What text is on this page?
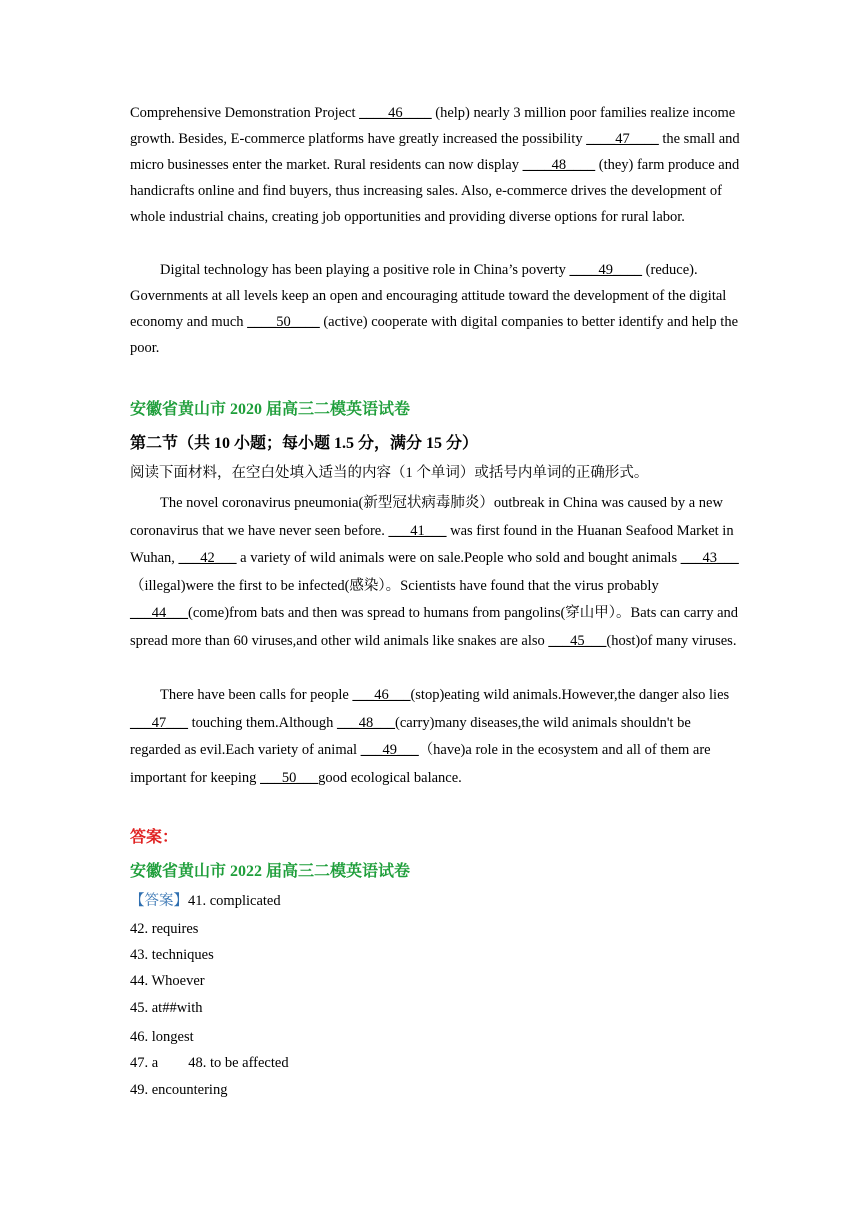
Comprehensive Demonstration Project ____46____ (help) nearly 3 million poor families realize income growth. Besides, E-commerce platforms have greatly increased the possibility ____47____ the small and micro businesses enter the market. Rural residents can now display ____48____ (they) farm produce and handicrafts online and find buyers, thus increasing sales. Also, e-commerce drives the development of whole industrial chains, creating job opportunities and providing diverse options for rural labor.

Digital technology has been playing a positive role in China’s poverty ____49____ (reduce). Governments at all levels keep an open and encouraging attitude toward the development of the digital economy and much ____50____ (active) cooperate with digital companies to better identify and help the poor.

安徽省黄山市 2020 届高三二模英语试卷

第二节（共 10 小题；每小题 1.5 分，满分 15 分）

阅读下面材料，在空白处填入适当的内容（1 个单词）或括号内单词的正确形式。

The novel coronavirus pneumonia(新型冠状病毒肺炎）outbreak in China was caused by a new coronavirus that we have never seen before. ___41___ was first found in the Huanan Seafood Market in Wuhan, ___42___ a variety of wild animals were on sale.People who sold and bought animals ___43___（illegal)were the first to be infected(感染）。Scientists have found that the virus probably ___44___(come)from bats and then was spread to humans from pangolins(穿山甲）。Bats can carry and spread more than 60 viruses,and other wild animals like snakes are also ___45___(host)of many viruses.

There have been calls for people ___46___(stop)eating wild animals.However,the danger also lies ___47___ touching them.Although ___48___(carry)many diseases,the wild animals shouldn't be regarded as evil.Each variety of animal ___49___（have)a role in the ecosystem and all of them are important for keeping ___50___good ecological balance.

答案：

安徽省黄山市 2022 届高三二模英语试卷

【答案】41. complicated

42. requires

43. techniques

44. Whoever

45. at##with

46. longest

47. a 48. to be affected

49. encountering
